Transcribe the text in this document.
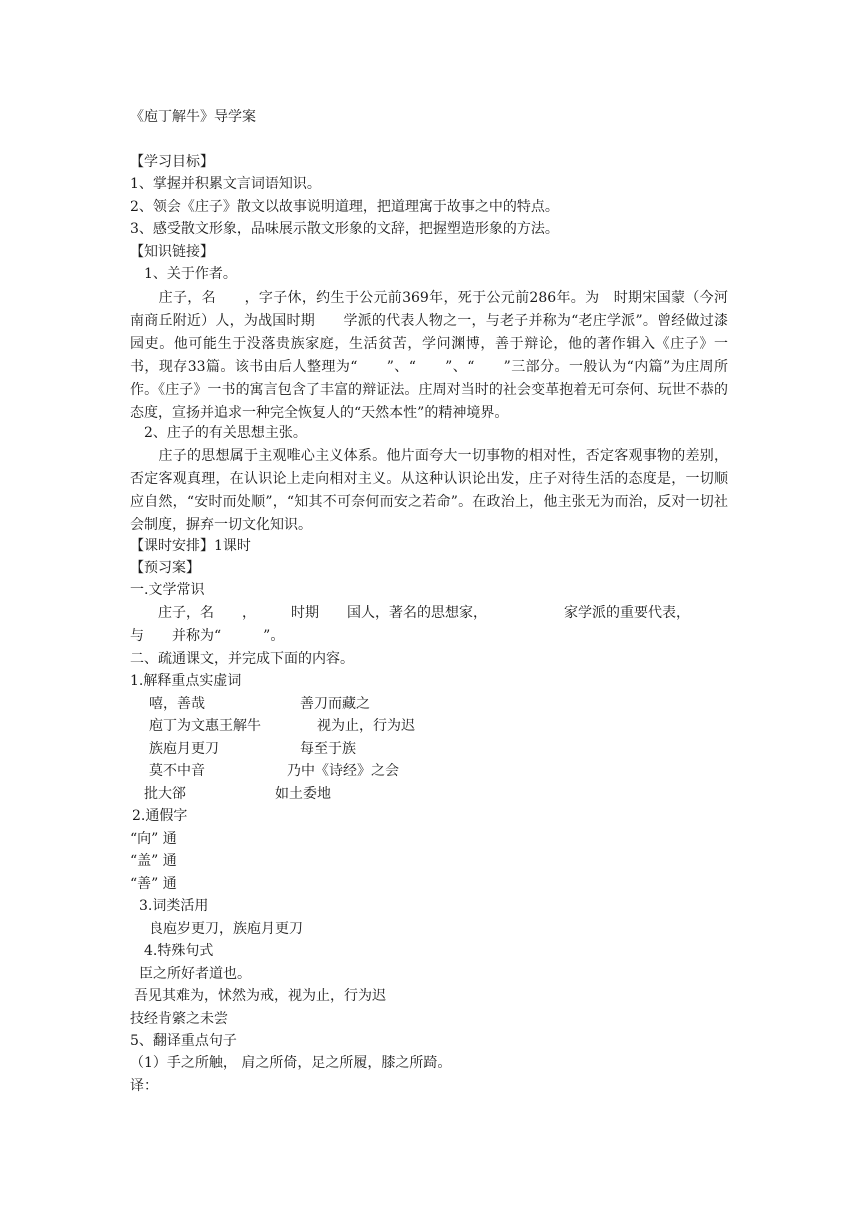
《庖丁解牛》导学案
【学习目标】
1、掌握并积累文言词语知识。
2、领会《庄子》散文以故事说明道理，把道理寓于故事之中的特点。
3、感受散文形象，品味展示散文形象的文辞，把握塑造形象的方法。
【知识链接】
1、关于作者。
　　庄子，名　　，字子休，约生于公元前369年，死于公元前286年。为　时期宋国蒙（今河南商丘附近）人，为战国时期　　学派的代表人物之一，与老子并称为“老庄学派”。曾经做过漆园吏。他可能生于没落贵族家庭，生活贫苦，学问渊博，善于辩论，他的著作辑入《庄子》一书，现存33篇。该书由后人整理为“　　”、“　　”、“　　”三部分。一般认为“内篇”为庄周所作。《庄子》一书的寓言包含了丰富的辩证法。庄周对当时的社会变革抱着无可奈何、玩世不恭的态度，宣扬并追求一种完全恢复人的“天然本性”的精神境界。
2、庄子的有关思想主张。
　　庄子的思想属于主观唯心主义体系。他片面夸大一切事物的相对性，否定客观事物的差别，否定客观真理，在认识论上走向相对主义。从这种认识论出发，庄子对待生活的态度是，一切顺应自然，“安时而处顺”，“知其不可奈何而安之若命”。在政治上，他主张无为而治，反对一切社会制度，摒弃一切文化知识。
【课时安排】1课时
【预习案】
一.文学常识
　庄子，名　　，　　　时期　　国人，著名的思想家，　　　　　　家学派的重要代表，
与　　并称为“　　　”。
二、疏通课文，并完成下面的内容。
1.解释重点实虚词
嘻，善哉	善刀而藏之
庖丁为文惠王解牛	视为止，行为迟
族庖月更刀	每至于族
莫不中音	乃中《诗经》之会
批大郤	如土委地
2.通假字
“向” 通
“盖” 通
“善” 通
3.词类活用
良庖岁更刀，族庖月更刀
4.特殊句式
臣之所好者道也。
吾见其难为，怵然为戒，视为止，行为迟
技经肯綮之未尝
5、翻译重点句子
（1）手之所触， 肩之所倚，足之所履，膝之所踦。
译：
